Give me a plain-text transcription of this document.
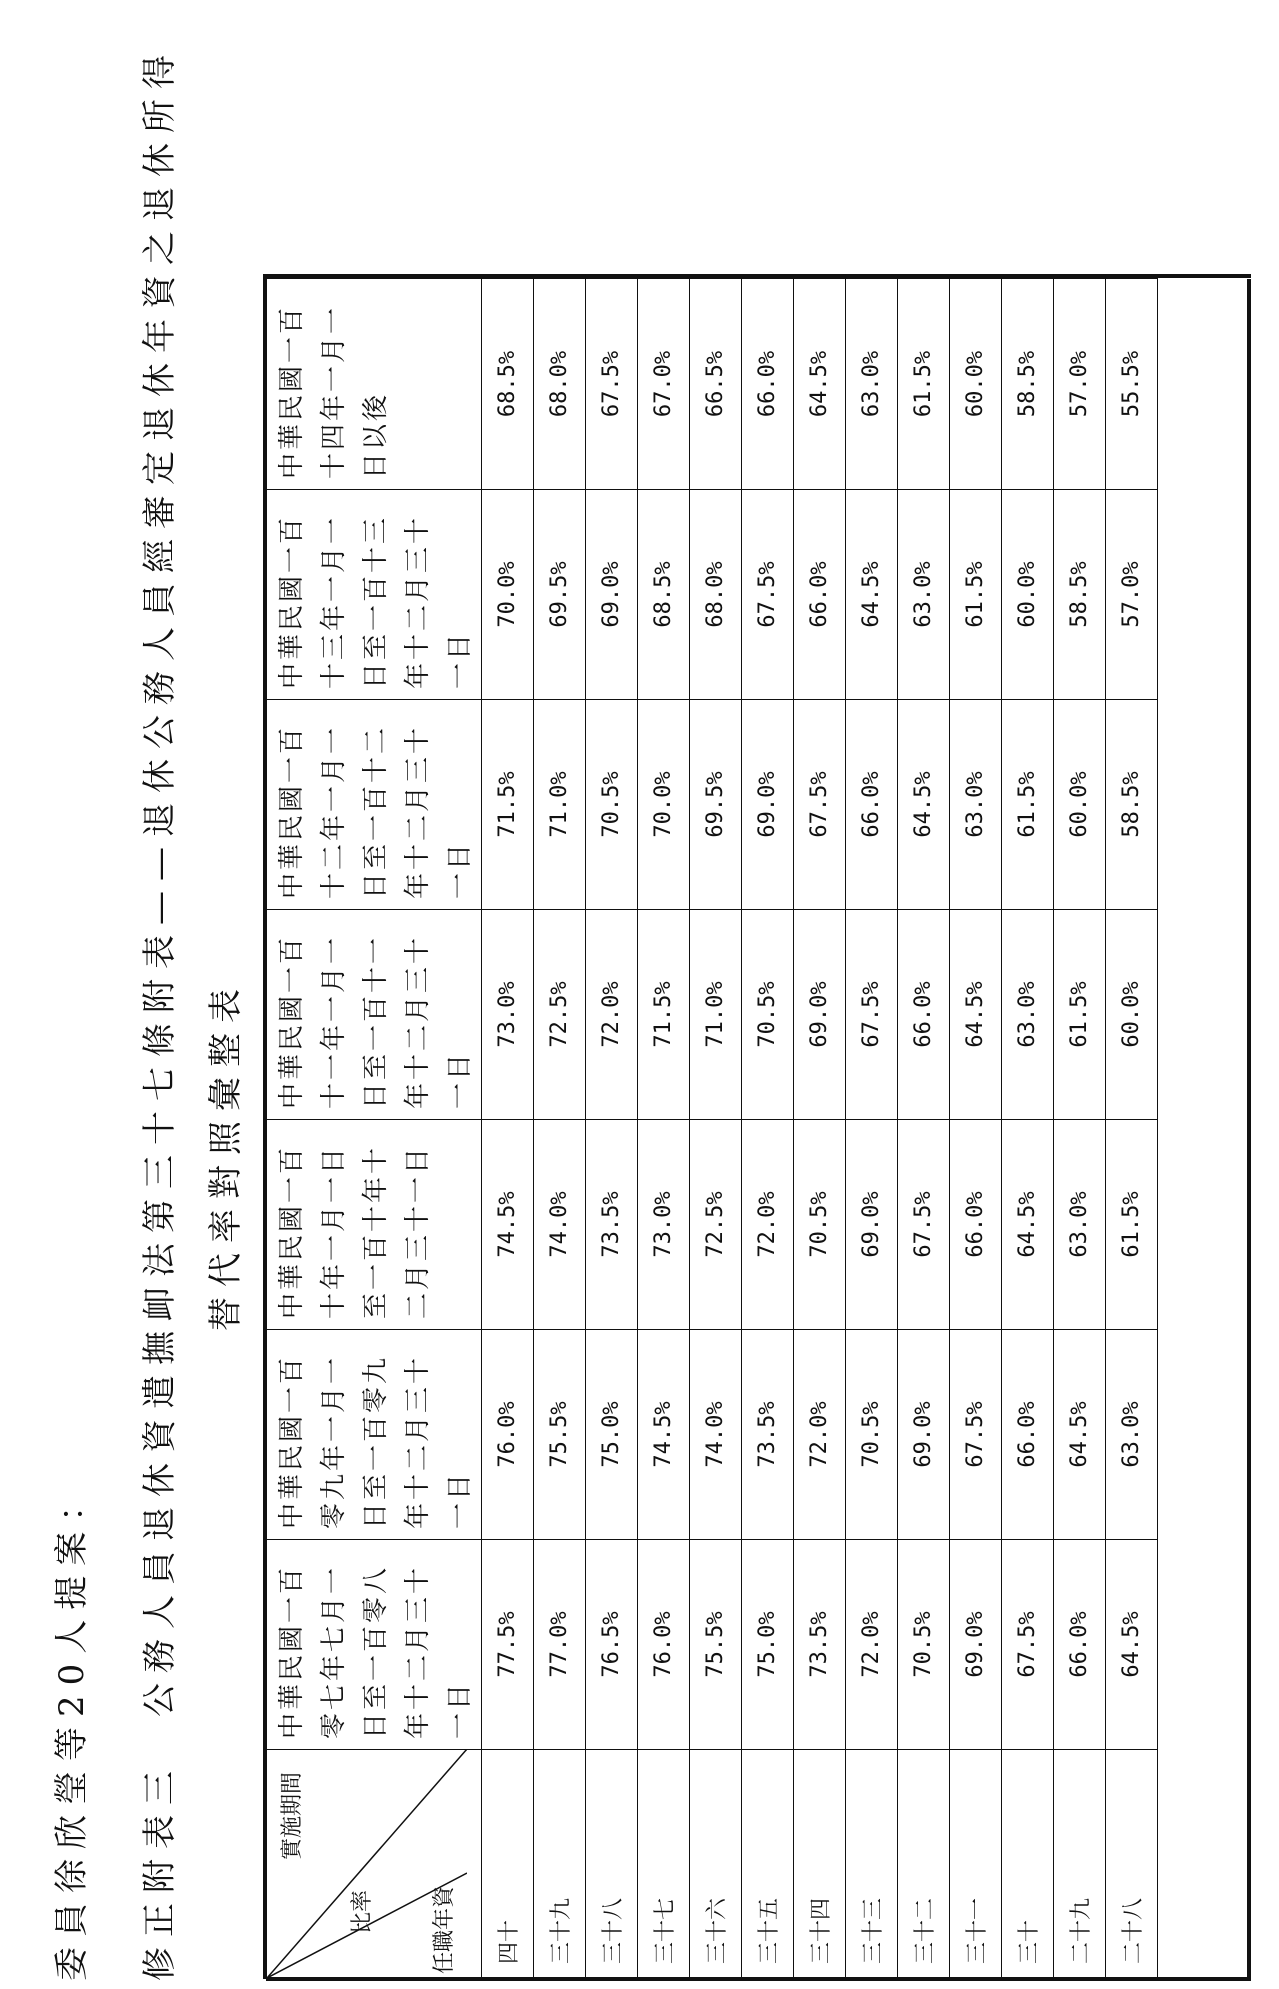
委員徐欣瑩等20人提案： 修正附表三　公務人員退休資遣撫卹法第三十七條附表——退休公務人員經審定退休年資之退休所得 替代率對照彙整表
實施期間
比率 任職年資	中華民國一百零七年七月一日至一百零八年十二月三十一日	中華民國一百零九年一月一日至一百零九年十二月三十一日	中華民國一百十年一月一日至一百十年十二月三十一日	中華民國一百十一年一月一日至一百十一年十二月三十一日	中華民國一百十二年一月一日至一百十二年十二月三十一日	中華民國一百十三年一月一日至一百十三年十二月三十一日	中華民國一百十四年一月一日以後

四十	77.5%	76.0%	74.5%	73.0%	71.5%	70.0%	68.5%
三十九	77.0%	75.5%	74.0%	72.5%	71.0%	69.5%	68.0%
三十八	76.5%	75.0%	73.5%	72.0%	70.5%	69.0%	67.5%
三十七	76.0%	74.5%	73.0%	71.5%	70.0%	68.5%	67.0%
三十六	75.5%	74.0%	72.5%	71.0%	69.5%	68.0%	66.5%
三十五	75.0%	73.5%	72.0%	70.5%	69.0%	67.5%	66.0%
三十四	73.5%	72.0%	70.5%	69.0%	67.5%	66.0%	64.5%
三十三	72.0%	70.5%	69.0%	67.5%	66.0%	64.5%	63.0%
三十二	70.5%	69.0%	67.5%	66.0%	64.5%	63.0%	61.5%
三十一	69.0%	67.5%	66.0%	64.5%	63.0%	61.5%	60.0%
三十	67.5%	66.0%	64.5%	63.0%	61.5%	60.0%	58.5%
二十九	66.0%	64.5%	63.0%	61.5%	60.0%	58.5%	57.0%
二十八	64.5%	63.0%	61.5%	60.0%	58.5%	57.0%	55.5%
